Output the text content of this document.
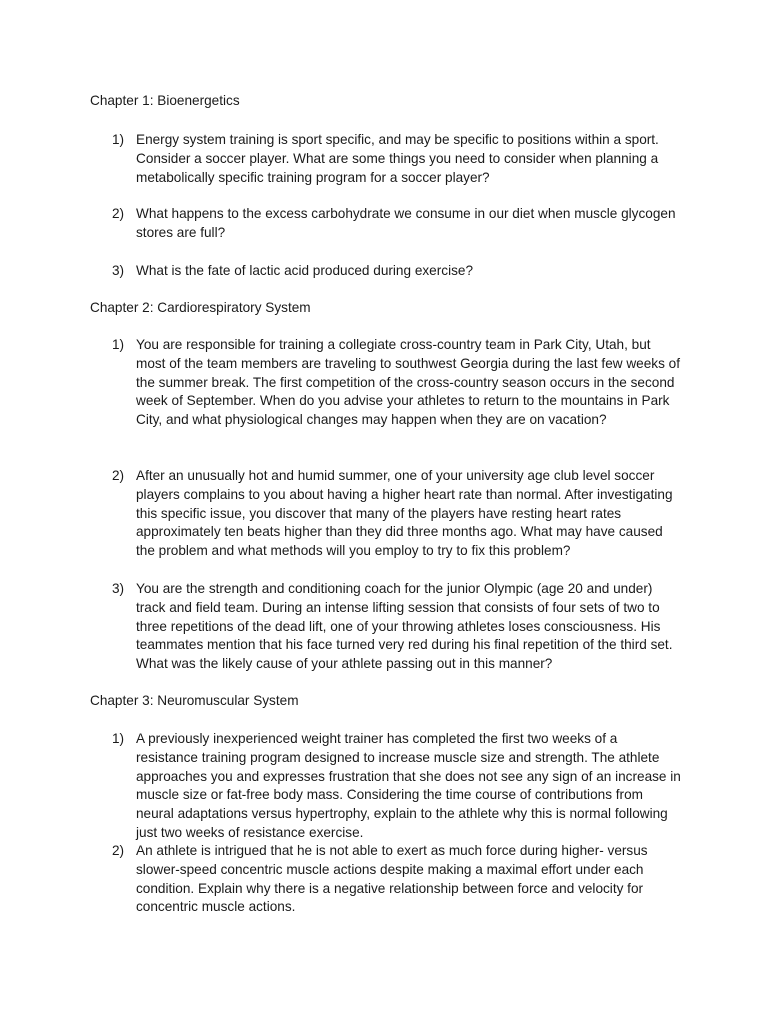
Chapter 1: Bioenergetics
1) Energy system training is sport specific, and may be specific to positions within a sport. Consider a soccer player. What are some things you need to consider when planning a metabolically specific training program for a soccer player?
2) What happens to the excess carbohydrate we consume in our diet when muscle glycogen stores are full?
3) What is the fate of lactic acid produced during exercise?
Chapter 2: Cardiorespiratory System
1) You are responsible for training a collegiate cross-country team in Park City, Utah, but most of the team members are traveling to southwest Georgia during the last few weeks of the summer break. The first competition of the cross-country season occurs in the second week of September. When do you advise your athletes to return to the mountains in Park City, and what physiological changes may happen when they are on vacation?
2) After an unusually hot and humid summer, one of your university age club level soccer players complains to you about having a higher heart rate than normal. After investigating this specific issue, you discover that many of the players have resting heart rates approximately ten beats higher than they did three months ago. What may have caused the problem and what methods will you employ to try to fix this problem?
3) You are the strength and conditioning coach for the junior Olympic (age 20 and under) track and field team. During an intense lifting session that consists of four sets of two to three repetitions of the dead lift, one of your throwing athletes loses consciousness. His teammates mention that his face turned very red during his final repetition of the third set. What was the likely cause of your athlete passing out in this manner?
Chapter 3: Neuromuscular System
1) A previously inexperienced weight trainer has completed the first two weeks of a resistance training program designed to increase muscle size and strength. The athlete approaches you and expresses frustration that she does not see any sign of an increase in muscle size or fat-free body mass. Considering the time course of contributions from neural adaptations versus hypertrophy, explain to the athlete why this is normal following just two weeks of resistance exercise.
2) An athlete is intrigued that he is not able to exert as much force during higher- versus slower-speed concentric muscle actions despite making a maximal effort under each condition. Explain why there is a negative relationship between force and velocity for concentric muscle actions.
